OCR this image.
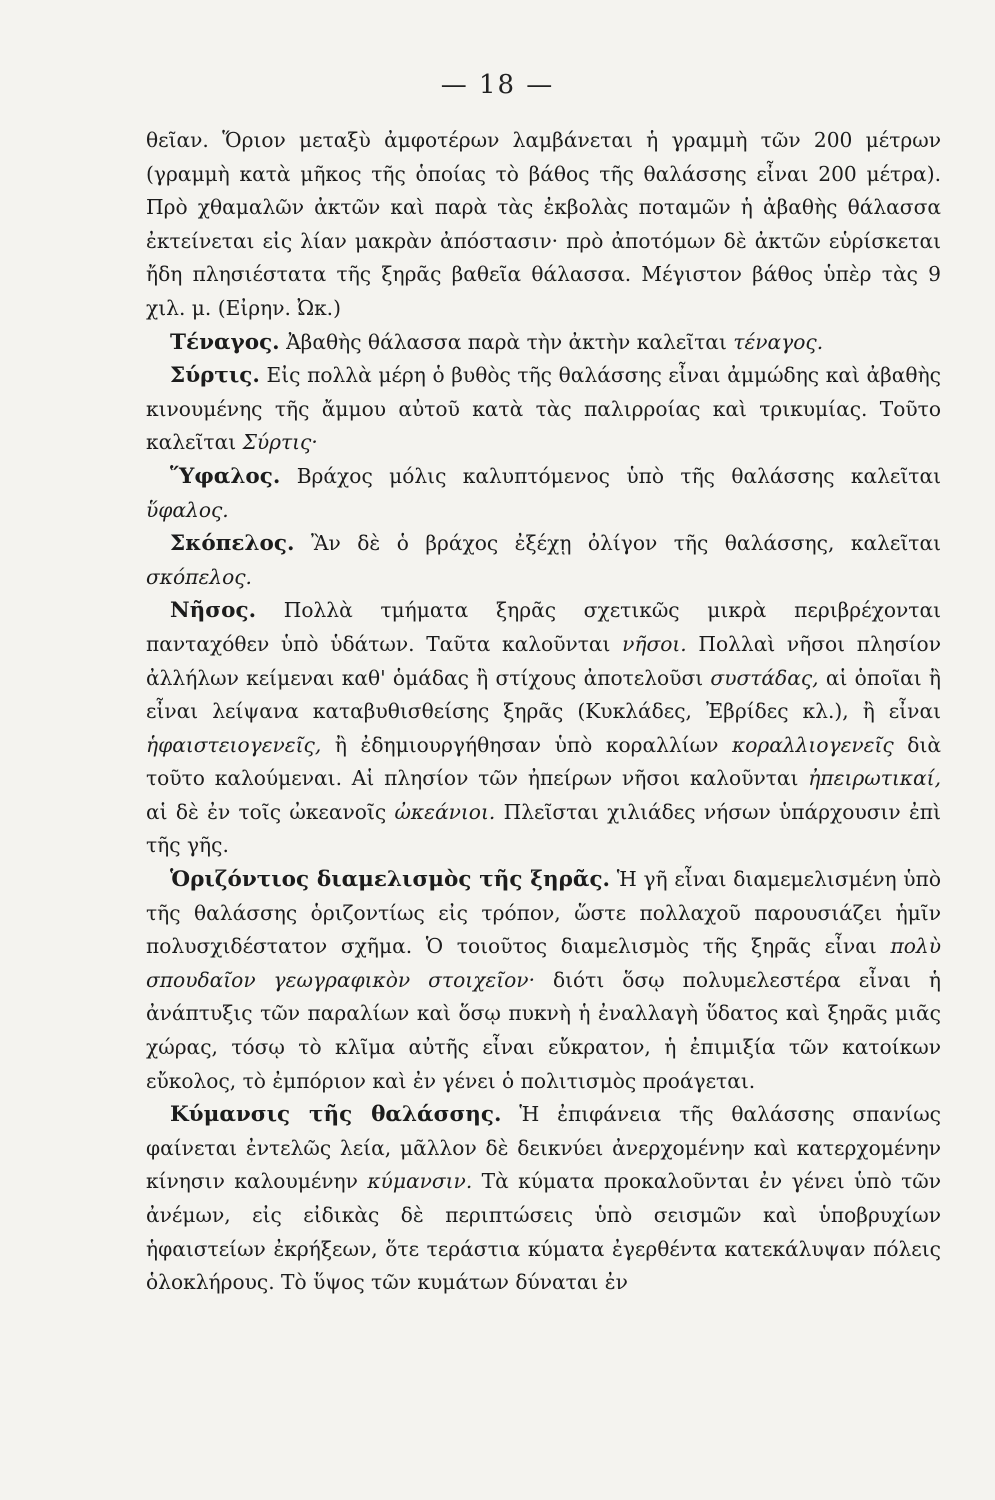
— 18 —

θεῖαν. Ὅριον μεταξὺ ἀμφοτέρων λαμβάνεται ἡ γραμμὴ τῶν 200 μέτρων (γραμμὴ κατὰ μῆκος τῆς ὁποίας τὸ βάθος τῆς θαλάσσης εἶναι 200 μέτρα). Πρὸ χθαμαλῶν ἀκτῶν καὶ παρὰ τὰς ἐκβολὰς ποταμῶν ἡ ἀβαθὴς θάλασσα ἐκτείνεται εἰς λίαν μακρὰν ἀπόστασιν· πρὸ ἀποτόμων δὲ ἀκτῶν εὑρίσκεται ἤδη πλησιέστατα τῆς ξηρᾶς βαθεῖα θάλασσα. Μέγιστον βάθος ὑπὲρ τὰς 9 χιλ. μ. (Εἰρην. Ὠκ.)

Τέναγος. Ἀβαθὴς θάλασσα παρὰ τὴν ἀκτὴν καλεῖται τέναγος.

Σύρτις. Εἰς πολλὰ μέρη ὁ βυθὸς τῆς θαλάσσης εἶναι ἀμμώδης καὶ ἀβαθὴς κινουμένης τῆς ἄμμου αὐτοῦ κατὰ τὰς παλιρροίας καὶ τρικυμίας. Τοῦτο καλεῖται Σύρτις·

Ὕφαλος. Βράχος μόλις καλυπτόμενος ὑπὸ τῆς θαλάσσης καλεῖται ὕφαλος.

Σκόπελος. Ἂν δὲ ὁ βράχος ἐξέχῃ ὀλίγον τῆς θαλάσσης, καλεῖται σκόπελος.

Νῆσος. Πολλὰ τμήματα ξηρᾶς σχετικῶς μικρὰ περιβρέχονται πανταχόθεν ὑπὸ ὑδάτων. Ταῦτα καλοῦνται νῆσοι. Πολλαὶ νῆσοι πλησίον ἀλλήλων κείμεναι καθ' ὁμάδας ἢ στίχους ἀποτελοῦσι συστάδας, αἱ ὁποῖαι ἢ εἶναι λείψανα καταβυθισθείσης ξηρᾶς (Κυκλάδες, Ἐβρίδες κλ.), ἢ εἶναι ἡφαιστειογενεῖς, ἢ ἐδημιουργήθησαν ὑπὸ κοραλλίων κοραλλιογενεῖς διὰ τοῦτο καλούμεναι. Αἱ πλησίον τῶν ἠπείρων νῆσοι καλοῦνται ἠπειρωτικαί, αἱ δὲ ἐν τοῖς ὠκεανοῖς ὠκεάνιοι. Πλεῖσται χιλιάδες νήσων ὑπάρχουσιν ἐπὶ τῆς γῆς.

Ὁριζόντιος διαμελισμὸς τῆς ξηρᾶς. Ἡ γῆ εἶναι διαμεμελισμένη ὑπὸ τῆς θαλάσσης ὁριζοντίως εἰς τρόπον, ὥστε πολλαχοῦ παρουσιάζει ἡμῖν πολυσχιδέστατον σχῆμα. Ὁ τοιοῦτος διαμελισμὸς τῆς ξηρᾶς εἶναι πολὺ σπουδαῖον γεωγραφικὸν στοιχεῖον· διότι ὅσῳ πολυμελεστέρα εἶναι ἡ ἀνάπτυξις τῶν παραλίων καὶ ὅσῳ πυκνὴ ἡ ἐναλλαγὴ ὕδατος καὶ ξηρᾶς μιᾶς χώρας, τόσῳ τὸ κλῖμα αὐτῆς εἶναι εὔκρατον, ἡ ἐπιμιξία τῶν κατοίκων εὔκολος, τὸ ἐμπόριον καὶ ἐν γένει ὁ πολιτισμὸς προάγεται.

Κύμανσις τῆς θαλάσσης. Ἡ ἐπιφάνεια τῆς θαλάσσης σπανίως φαίνεται ἐντελῶς λεία, μᾶλλον δὲ δεικνύει ἀνερχομένην καὶ κατερχομένην κίνησιν καλουμένην κύμανσιν. Τὰ κύματα προκαλοῦνται ἐν γένει ὑπὸ τῶν ἀνέμων, εἰς εἰδικὰς δὲ περιπτώσεις ὑπὸ σεισμῶν καὶ ὑποβρυχίων ἡφαιστείων ἐκρήξεων, ὅτε τεράστια κύματα ἐγερθέντα κατεκάλυψαν πόλεις ὁλοκλήρους. Τὸ ὕψος τῶν κυμάτων δύναται ἐν
